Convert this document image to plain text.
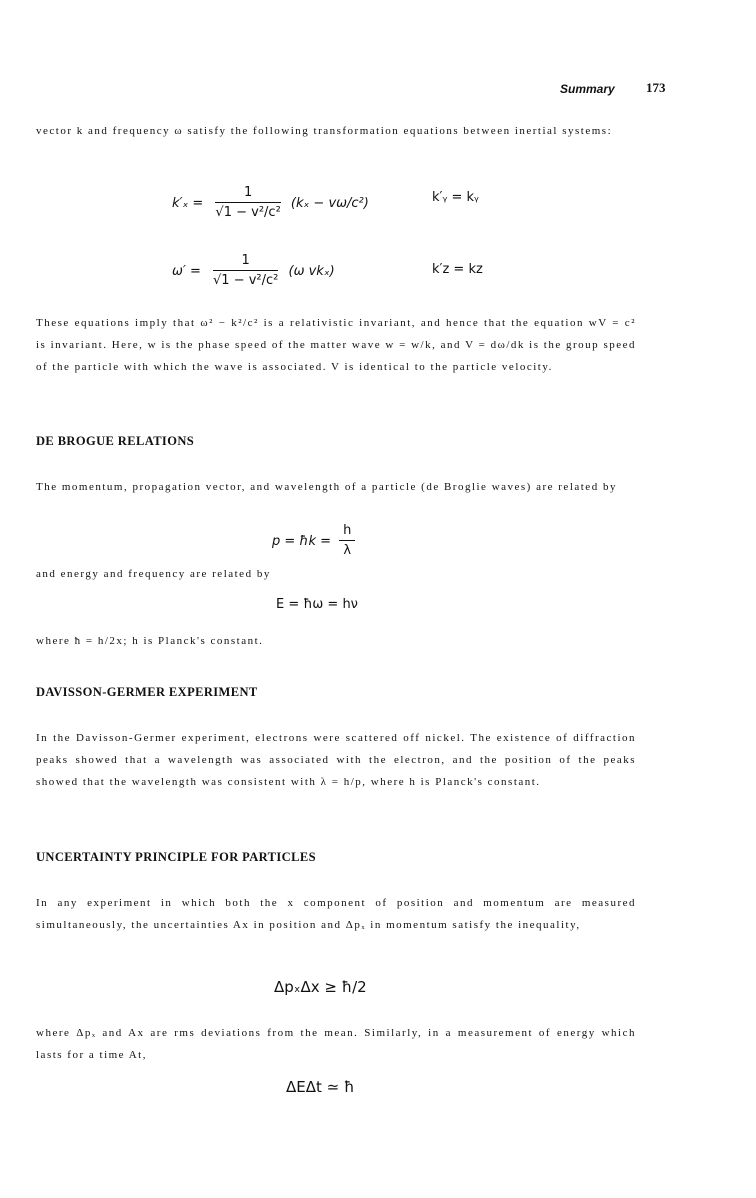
Summary 173

vector k and frequency ω satisfy the following transformation equations between inertial systems:

$k'_x = \frac{1}{\text{√1 − v²/c²}} (k_x - v\omega/c^2)$	k′ᵧ = kᵧ
$\omega' = \frac{1}{\text{√1 − v²/c²}} (\omega$ vkₓ)	k′z = kz

These equations imply that ω² − k²/c² is a relativistic invariant, and hence that the equation wV = c² is invariant. Here, w is the phase speed of the matter wave w = w/k, and V = dω/dk is the group speed of the particle with which the wave is associated. V is identical to the particle velocity.

DE BROGUE RELATIONS

The momentum, propagation vector, and wavelength of a particle (de Broglie waves) are related by

p = ħk = $\frac{h}{\lambda}$

and energy and frequency are related by

E = ħω = hν

where ħ = h/2x; h is Planck's constant.

DAVISSON-GERMER EXPERIMENT

In the Davisson-Germer experiment, electrons were scattered off nickel. The existence of diffraction peaks showed that a wavelength was associated with the electron, and the position of the peaks showed that the wavelength was consistent with λ = h/p, where h is Planck's constant.

UNCERTAINTY PRINCIPLE FOR PARTICLES

In any experiment in which both the x component of position and momentum are measured simultaneously, the uncertainties Ax in position and Δpₓ in momentum satisfy the inequality,

ΔpₓΔx ≥ ħ/2

where Δpₓ and Ax are rms deviations from the mean. Similarly, in a measurement of energy which lasts for a time At,

ΔEΔt ≃ ħ
